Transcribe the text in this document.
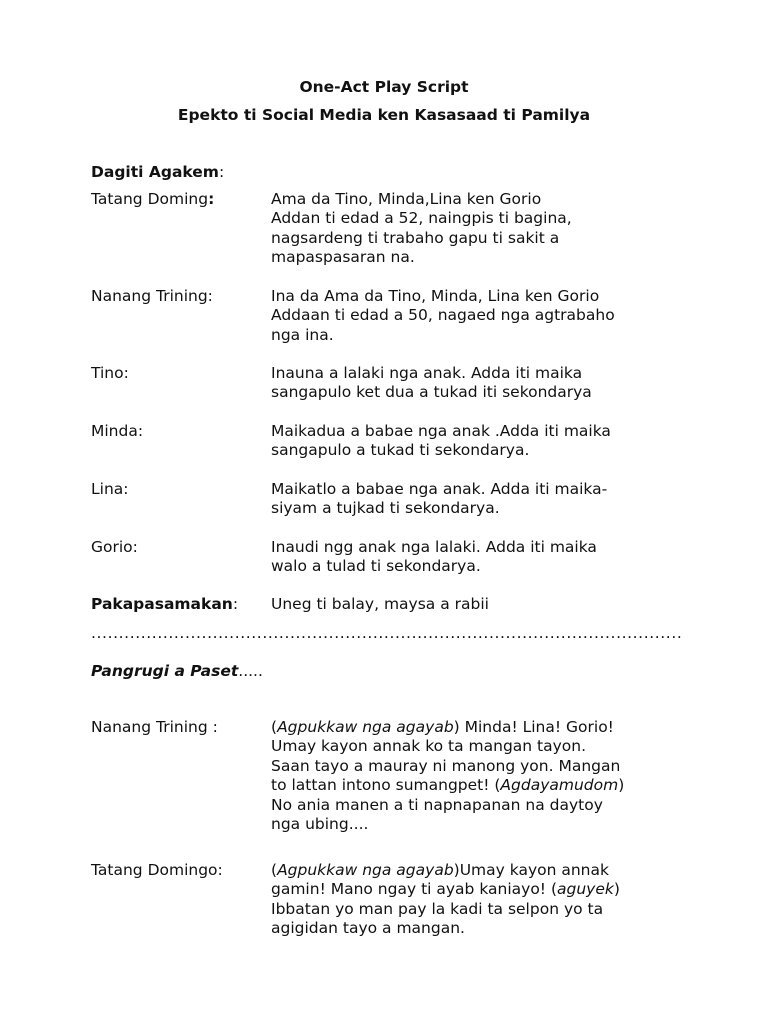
One-Act Play Script
Epekto ti Social Media ken Kasasaad ti Pamilya
Dagiti Agakem:
Tatang Doming:	Ama da Tino, Minda,Lina ken Gorio
Addan ti edad a 52, naingpis ti bagina,
nagsardeng ti trabaho gapu ti sakit a
mapaspasaran na.
Nanang Trining:	Ina da Ama da Tino, Minda, Lina ken Gorio
Addaan ti edad a 50, nagaed nga agtrabaho
nga ina.
Tino:	Inauna a lalaki nga anak. Adda iti maika
sangapulo ket dua a tukad iti sekondarya
Minda:	Maikadua a babae nga anak .Adda iti maika
sangapulo a tukad ti sekondarya.
Lina:	Maikatlo a babae nga anak. Adda iti maika-
siyam a tujkad ti sekondarya.
Gorio:	Inaudi ngg anak nga lalaki. Adda iti maika
walo a tulad ti sekondarya.
Pakapasamakan: Uneg ti balay, maysa a rabii
...........................................................................................................
Pangrugi a Paset.....
Nanang Trining :	(Agpukkaw nga agayab) Minda! Lina! Gorio!
Umay kayon annak ko ta mangan tayon.
Saan tayo a mauray ni manong yon. Mangan
to lattan intono sumangpet! (Agdayamudom)
No ania manen a ti napnapanan na daytoy
nga ubing....
Tatang Domingo:	(Agpukkaw nga agayab)Umay kayon annak
gamin! Mano ngay ti ayab kaniayo! (aguyek)
Ibbatan yo man pay la kadi ta selpon yo ta
agigidan tayo a mangan.
